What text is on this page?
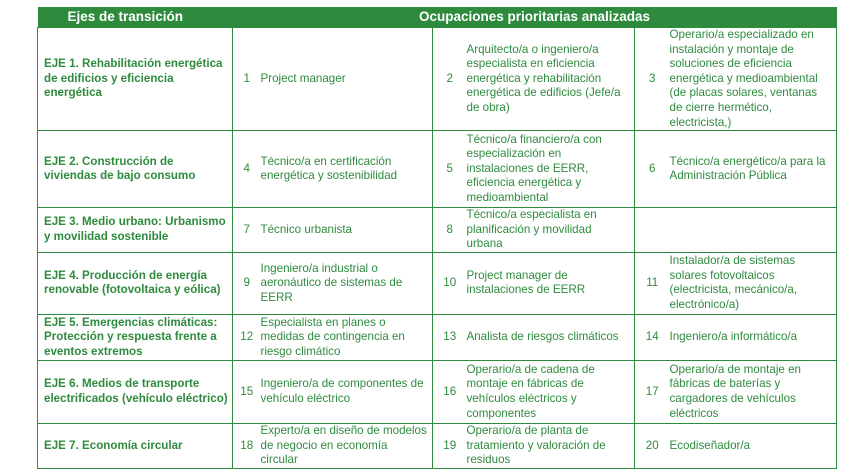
Ejes de transición	Ocupaciones prioritarias analizadas					
EJE 1. Rehabilitación energética de edificios y eficiencia energética	1	Project manager	2	Arquitecto/a o ingeniero/a especialista en eficiencia energética y rehabilitación energética de edificios (Jefe/a de obra)	3	Operario/a especializado en instalación y montaje de soluciones de eficiencia energética y medioambiental (de placas solares, ventanas de cierre hermético, electricista,)
EJE 2. Construcción de viviendas de bajo consumo	4	Técnico/a en certificación energética y sostenibilidad	5	Técnico/a financiero/a con especialización en instalaciones de EERR, eficiencia energética y medioambiental	6	Técnico/a energético/a para la Administración Pública
EJE 3. Medio urbano: Urbanismo y movilidad sostenible	7	Técnico urbanista	8	Técnico/a especialista en planificación y movilidad urbana		
EJE 4. Producción de energía renovable (fotovoltaica y eólica)	9	Ingeniero/a industrial o aeronáutico de sistemas de EERR	10	Project manager de instalaciones de EERR	11	Instalador/a de sistemas solares fotovoltaicos (electricista, mecánico/a, electrónico/a)
EJE 5. Emergencias climáticas: Protección y respuesta frente a eventos extremos	12	Especialista en planes o medidas de contingencia en riesgo climático	13	Analista de riesgos climáticos	14	Ingeniero/a informático/a
EJE 6. Medios de transporte electrificados (vehículo eléctrico)	15	Ingeniero/a de componentes de vehículo eléctrico	16	Operario/a de cadena de montaje en fábricas de vehículos eléctricos y componentes	17	Operario/a de montaje en fábricas de baterías y cargadores de vehículos eléctricos
EJE 7. Economía circular	18	Experto/a en diseño de modelos de negocio en economía circular	19	Operario/a de planta de tratamiento y valoración de residuos	20	Ecodiseñador/a
